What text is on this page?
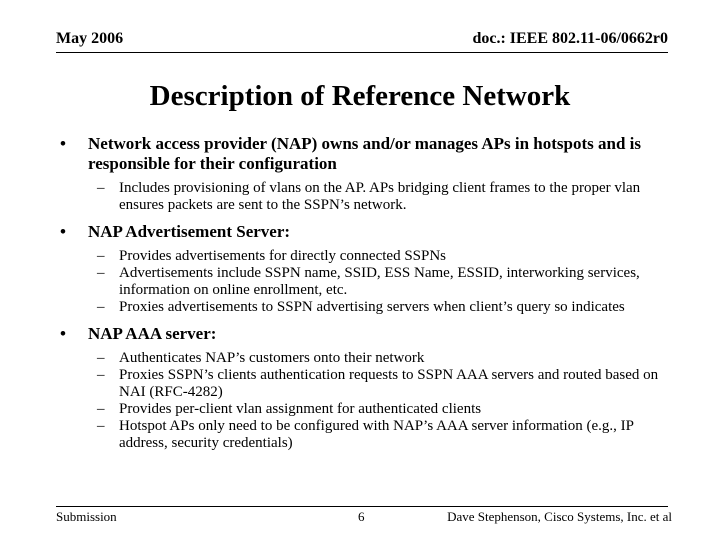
May 2006	doc.: IEEE 802.11-06/0662r0
Description of Reference Network
• Network access provider (NAP) owns and/or manages APs in hotspots and is responsible for their configuration
– Includes provisioning of vlans on the AP. APs bridging client frames to the proper vlan ensures packets are sent to the SSPN’s network.
• NAP Advertisement Server:
– Provides advertisements for directly connected SSPNs
– Advertisements include SSPN name, SSID, ESS Name, ESSID, interworking services, information on online enrollment, etc.
– Proxies advertisements to SSPN advertising servers when client’s query so indicates
• NAP AAA server:
– Authenticates NAP’s customers onto their network
– Proxies SSPN’s clients authentication requests to SSPN AAA servers and routed based on NAI (RFC-4282)
– Provides per-client vlan assignment for authenticated clients
– Hotspot APs only need to be configured with NAP’s AAA server information (e.g., IP address, security credentials)
Submission	6	Dave Stephenson, Cisco Systems, Inc. et al
